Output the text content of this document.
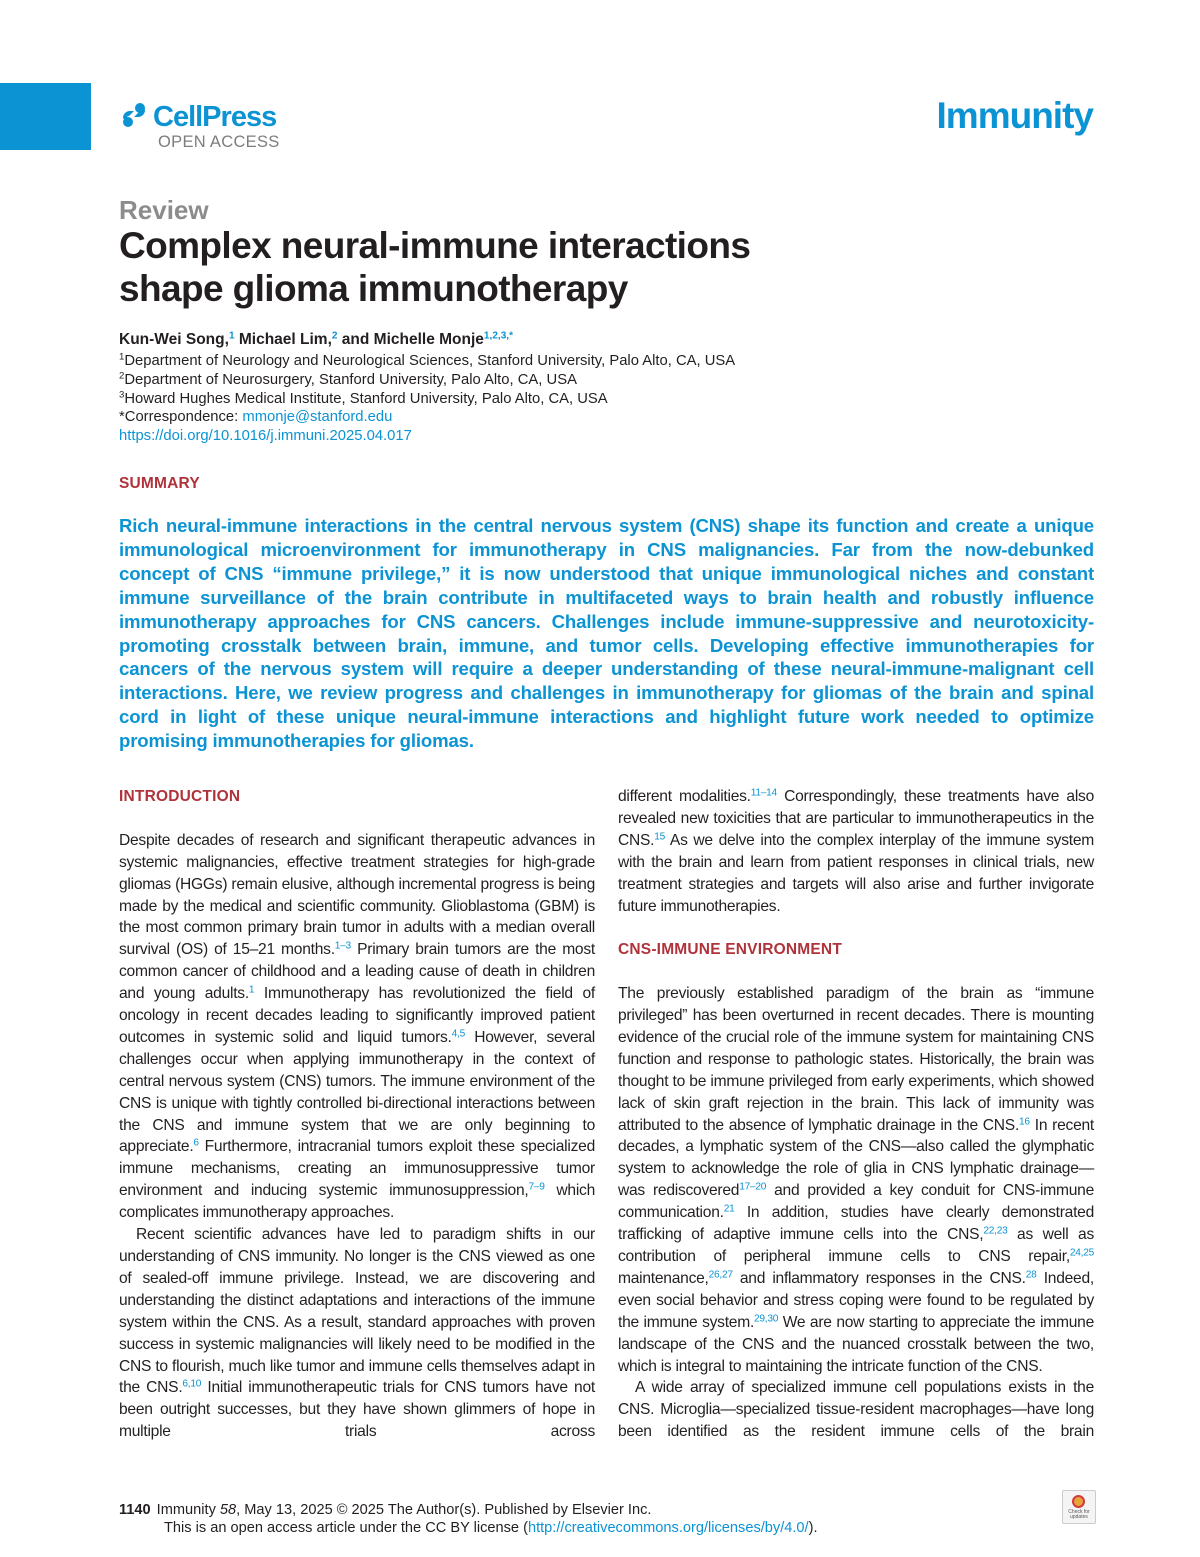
CellPress
OPEN ACCESS
Immunity
Review
Complex neural-immune interactions
shape glioma immunotherapy
Kun-Wei Song,$^1$ Michael Lim,$^2$ and Michelle Monje$^{1,2,3,*}$
$^1$Department of Neurology and Neurological Sciences, Stanford University, Palo Alto, CA, USA
$^2$Department of Neurosurgery, Stanford University, Palo Alto, CA, USA
$^3$Howard Hughes Medical Institute, Stanford University, Palo Alto, CA, USA
*Correspondence: mmonje@stanford.edu
https://doi.org/10.1016/j.immuni.2025.04.017
SUMMARY

Rich neural-immune interactions in the central nervous system (CNS) shape its function and create a unique immunological microenvironment for immunotherapy in CNS malignancies. Far from the now-debunked concept of CNS “immune privilege,” it is now understood that unique immunological niches and constant immune surveillance of the brain contribute in multifaceted ways to brain health and robustly influence immunotherapy approaches for CNS cancers. Challenges include immune-suppressive and neurotoxicity-promoting crosstalk between brain, immune, and tumor cells. Developing effective immunotherapies for cancers of the nervous system will require a deeper understanding of these neural-immune-malignant cell interactions. Here, we review progress and challenges in immunotherapy for gliomas of the brain and spinal cord in light of these unique neural-immune interactions and highlight future work needed to optimize promising immunotherapies for gliomas.

INTRODUCTION

Despite decades of research and significant therapeutic advances in systemic malignancies, effective treatment strategies for high-grade gliomas (HGGs) remain elusive, although incremental progress is being made by the medical and scientific community. Glioblastoma (GBM) is the most common primary brain tumor in adults with a median overall survival (OS) of 15–21 months.$^{1-3}$ Primary brain tumors are the most common cancer of childhood and a leading cause of death in children and young adults.$^1$ Immunotherapy has revolutionized the field of oncology in recent decades leading to significantly improved patient outcomes in systemic solid and liquid tumors.$^{4,5}$ However, several challenges occur when applying immunotherapy in the context of central nervous system (CNS) tumors. The immune environment of the CNS is unique with tightly controlled bi-directional interactions between the CNS and immune system that we are only beginning to appreciate.$^6$ Furthermore, intracranial tumors exploit these specialized immune mechanisms, creating an immunosuppressive tumor environment and inducing systemic immunosuppression,$^{7-9}$ which complicates immunotherapy approaches.

Recent scientific advances have led to paradigm shifts in our understanding of CNS immunity. No longer is the CNS viewed as one of sealed-off immune privilege. Instead, we are discovering and understanding the distinct adaptations and interactions of the immune system within the CNS. As a result, standard approaches with proven success in systemic malignancies will likely need to be modified in the CNS to flourish, much like tumor and immune cells themselves adapt in the CNS.$^{6,10}$ Initial immunotherapeutic trials for CNS tumors have not been outright successes, but they have shown glimmers of hope in multiple trials across

different modalities.$^{11-14}$ Correspondingly, these treatments have also revealed new toxicities that are particular to immunotherapeutics in the CNS.$^{15}$ As we delve into the complex interplay of the immune system with the brain and learn from patient responses in clinical trials, new treatment strategies and targets will also arise and further invigorate future immunotherapies.

CNS-IMMUNE ENVIRONMENT

The previously established paradigm of the brain as “immune privileged” has been overturned in recent decades. There is mounting evidence of the crucial role of the immune system for maintaining CNS function and response to pathologic states. Historically, the brain was thought to be immune privileged from early experiments, which showed lack of skin graft rejection in the brain. This lack of immunity was attributed to the absence of lymphatic drainage in the CNS.$^{16}$ In recent decades, a lymphatic system of the CNS—also called the glymphatic system to acknowledge the role of glia in CNS lymphatic drainage—was rediscovered$^{17-20}$ and provided a key conduit for CNS-immune communication.$^{21}$ In addition, studies have clearly demonstrated trafficking of adaptive immune cells into the CNS,$^{22,23}$ as well as contribution of peripheral immune cells to CNS repair,$^{24,25}$ maintenance,$^{26,27}$ and inflammatory responses in the CNS.$^{28}$ Indeed, even social behavior and stress coping were found to be regulated by the immune system.$^{29,30}$ We are now starting to appreciate the immune landscape of the CNS and the nuanced crosstalk between the two, which is integral to maintaining the intricate function of the CNS.

A wide array of specialized immune cell populations exists in the CNS. Microglia—specialized tissue-resident macrophages—have long been identified as the resident immune cells of the brain

1140 Immunity 58, May 13, 2025 © 2025 The Author(s). Published by Elsevier Inc.
This is an open access article under the CC BY license (http://creativecommons.org/licenses/by/4.0/).
Check for updates
